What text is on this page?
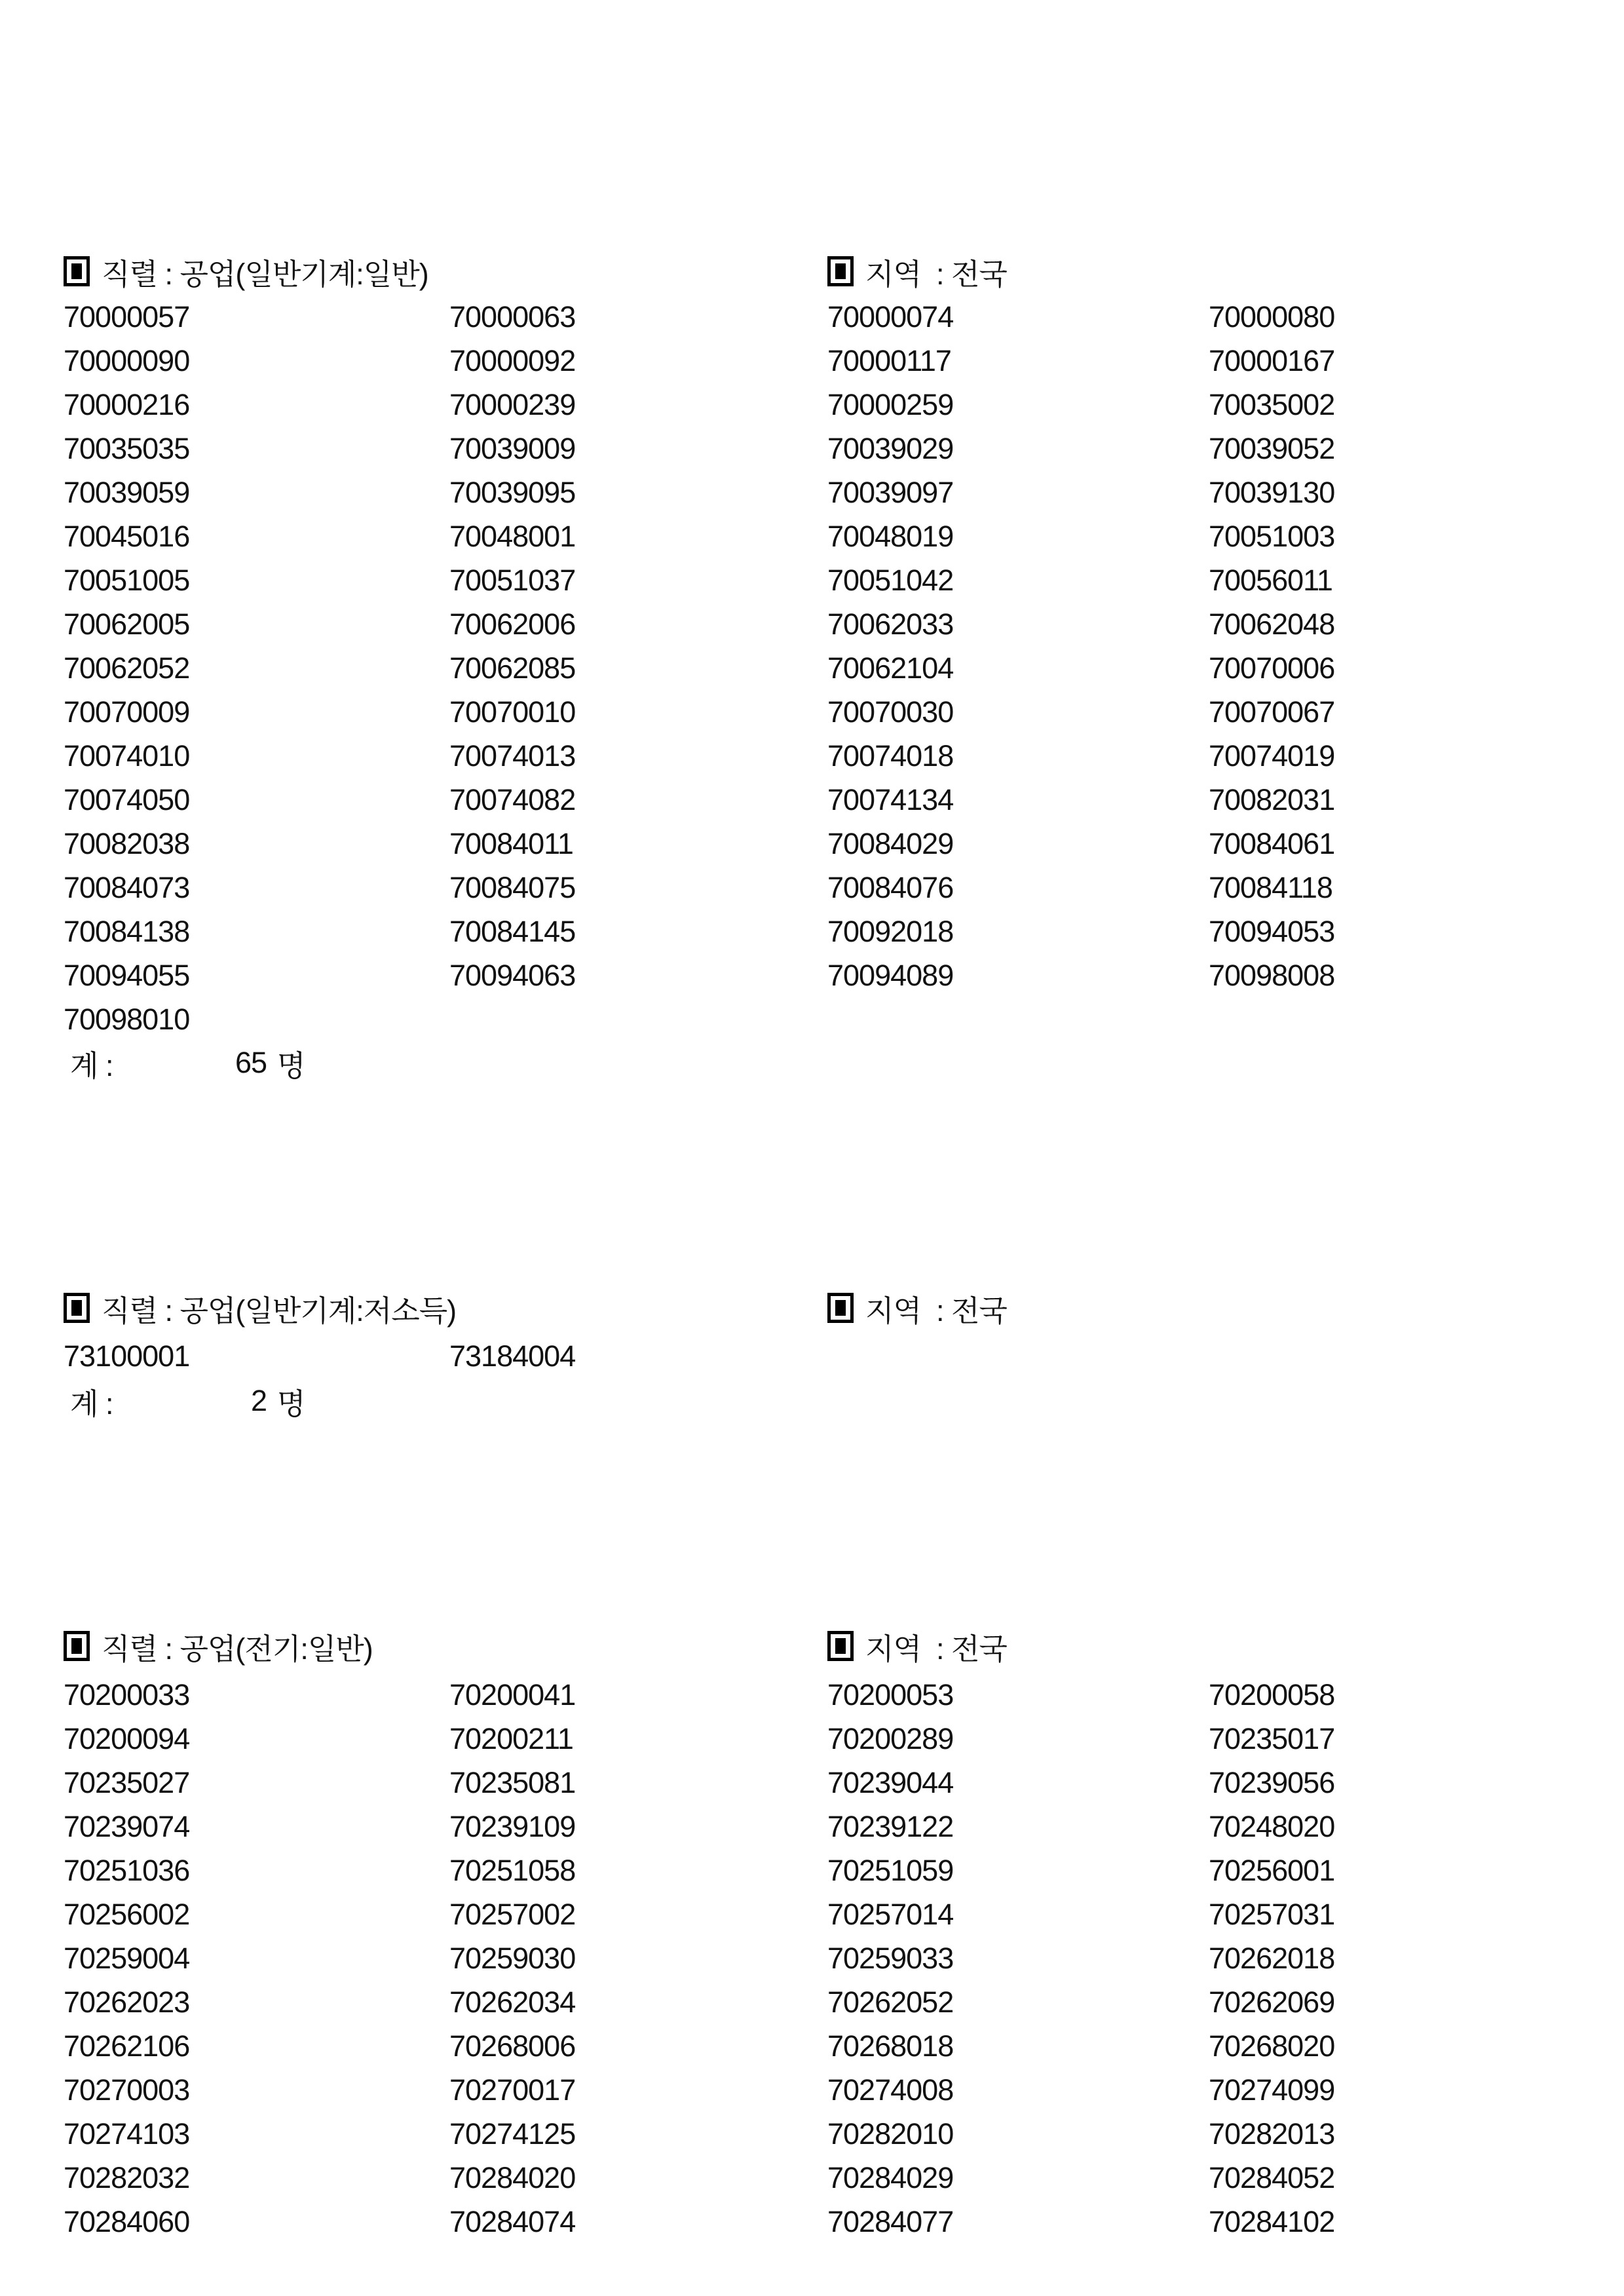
직렬 : 공업(일반기계:일반)	지역  : 전국
70000057	70000063	70000074	70000080
70000090	70000092	70000117	70000167
70000216	70000239	70000259	70035002
70035035	70039009	70039029	70039052
70039059	70039095	70039097	70039130
70045016	70048001	70048019	70051003
70051005	70051037	70051042	70056011
70062005	70062006	70062033	70062048
70062052	70062085	70062104	70070006
70070009	70070010	70070030	70070067
70074010	70074013	70074018	70074019
70074050	70074082	70074134	70082031
70082038	70084011	70084029	70084061
70084073	70084075	70084076	70084118
70084138	70084145	70092018	70094053
70094055	70094063	70094089	70098008
70098010
계 :	65 명
직렬 : 공업(일반기계:저소득)	지역  : 전국
73100001	73184004
계 :	2 명
직렬 : 공업(전기:일반)	지역  : 전국
70200033	70200041	70200053	70200058
70200094	70200211	70200289	70235017
70235027	70235081	70239044	70239056
70239074	70239109	70239122	70248020
70251036	70251058	70251059	70256001
70256002	70257002	70257014	70257031
70259004	70259030	70259033	70262018
70262023	70262034	70262052	70262069
70262106	70268006	70268018	70268020
70270003	70270017	70274008	70274099
70274103	70274125	70282010	70282013
70282032	70284020	70284029	70284052
70284060	70284074	70284077	70284102
